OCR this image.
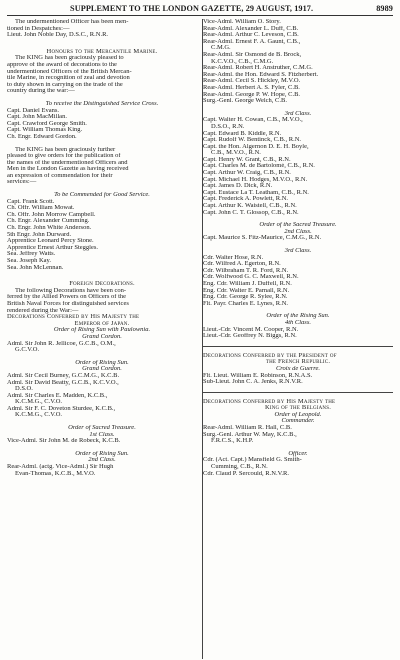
SUPPLEMENT TO THE LONDON GAZETTE, 29 AUGUST, 1917.	8989
The undermentioned Officer has been men-
tioned in Despatches:—
Lieut. John Noble Day, D.S.C., R.N.R.
Honours to the Mercantile Marine.
The KING has been graciously pleased to
approve of the award of decorations to the
undermentioned Officers of the British Mercan-
tile Marine, in recognition of zeal and devotion
to duty shown in carrying on the trade of the
country during the war:—
To receive the Distinguished Service Cross.
Capt. Daniel Evans.
Capt. John MacMillan.
Capt. Crawford George Smith.
Capt. William Thomas King.
Ch. Engr. Edward Gordon.
The KING has been graciously further
pleased to give orders for the publication of
the names of the undermentioned Officers and
Men in the London Gazette as having received
an expression of commendation for their
services:—
To be Commended for Good Service.
Capt. Frank Scott.
Ch. Offr. William Mowat.
Ch. Offr. John Morrow Campbell.
Ch. Engr. Alexander Cumming.
Ch. Engr. John White Anderson.
5th Engr. John Durward.
Apprentice Leonard Percy Stone.
Apprentice Ernest Arthur Steggles.
Sea. Jeffrey Watts.
Sea. Joseph Kay.
Sea. John McLennan.
Foreign Decorations.
The following Decorations have been con-
ferred by the Allied Powers on Officers of the
British Naval Forces for distinguished services
rendered during the War:—
Decorations Conferred by His Majesty the
Emperor of Japan.
Order of Rising Sun with Paulownia.
Grand Cordon.
Adml. Sir John R. Jellicoe, G.C.B., O.M.,
G.C.V.O.
Order of Rising Sun.
Grand Cordon.
Adml. Sir Cecil Burney, G.C.M.G., K.C.B.
Adml. Sir David Beatty, G.C.B., K.C.V.O.,
D.S.O.
Adml. Sir Charles E. Madden, K.C.B.,
K.C.M.G., C.V.O.
Adml. Sir F. C. Doveton Sturdee, K.C.B.,
K.C.M.G., C.V.O.
Order of Sacred Treasure.
1st Class.
Vice-Adml. Sir John M. de Robeck, K.C.B.
Order of Rising Sun.
2nd Class.
Rear-Adml. (actg. Vice-Adml.) Sir Hugh
Evan-Thomas, K.C.B., M.V.O.
Vice-Adml. William O. Story.
Rear-Adml. Alexander L. Duff, C.B.
Rear-Adml. Arthur C. Leveson, C.B.
Rear-Adml. Ernest F. A. Gaunt, C.B.,
C.M.G.
Rear-Adml. Sir Osmond de B. Brock,
K.C.V.O., C.B., C.M.G.
Rear-Adml. Robert H. Anstruther, C.M.G.
Rear-Adml. the Hon. Edward S. Fitzherbert.
Rear-Adml. Cecil S. Hickley, M.V.O.
Rear-Adml. Herbert A. S. Fyler, C.B.
Rear-Adml. George P. W. Hope, C.B.
Surg.-Genl. George Welch, C.B.
3rd Class.
Capt. Walter H. Cowan, C.B., M.V.O.,
D.S.O., R.N.
Capt. Edward B. Kiddle, R.N.
Capt. Rudolf W. Bentinck, C.B., R.N.
Capt. the Hon. Algernon D. E. H. Boyle,
C.B., M.V.O., R.N.
Capt. Henry W. Grant, C.B., R.N.
Capt. Charles M. de Bartolomé, C.B., R.N.
Capt. Arthur W. Craig, C.B., R.N.
Capt. Michael H. Hodges, M.V.O., R.N.
Capt. James D. Dick, R.N.
Capt. Eustace La T. Leatham, C.B., R.N.
Capt. Frederick A. Powlett, R.N.
Capt. Arthur K. Waistell, C.B., R.N.
Capt. John C. T. Glossop, C.B., R.N.
Order of the Sacred Treasure.
2nd Class.
Capt. Maurice S. Fitz-Maurice, C.M.G., R.N.
3rd Class.
Cdr. Walter Hose, R.N.
Cdr. Wilfred A. Egerton, R.N.
Cdr. Wilbraham T. R. Ford, R.N.
Cdr. Wolfwood G. C. Maxwell, R.N.
Eng. Cdr. William J. Duffell, R.N.
Eng. Cdr. Walter E. Parnall, R.N.
Eng. Cdr. George R. Sylee, R.N.
Flt. Payr. Charles E. Lynes, R.N.
Order of the Rising Sun.
4th Class.
Lieut.-Cdr. Vincent M. Cooper, R.N.
Lieut.-Cdr. Geoffrey N. Biggs, R.N.
Decorations Conferred by the President of
the French Republic.
Croix de Guerre.
Flt. Lieut. William E. Robinson, R.N.A.S.
Sub-Lieut. John C. A. Jenks, R.N.V.R.
Decorations Conferred by His Majesty the
King of the Belgians.
Order of Leopold.
Commander.
Rear-Adml. William R. Hall, C.B.
Surg.-Genl. Arthur W. May, K.C.B.,
F.R.C.S., K.H.P.
Officer.
Cdr. (Act. Capt.) Mansfield G. Smith-
Cumming, C.B., R.N.
Cdr. Claud P. Sercould, R.N.V.R.
